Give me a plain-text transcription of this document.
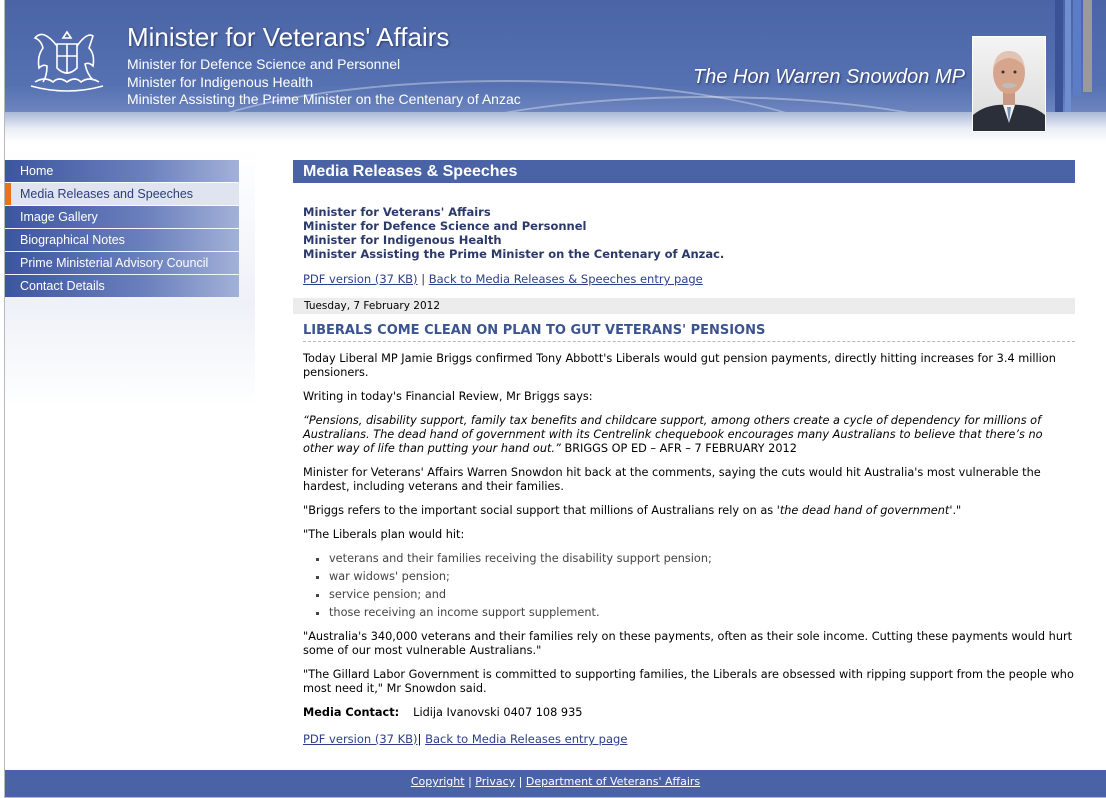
Minister for Veterans' Affairs
Minister for Defence Science and Personnel
Minister for Indigenous Health
Minister Assisting the Prime Minister on the Centenary of Anzac
The Hon Warren Snowdon MP
Home
Media Releases and Speeches
Image Gallery
Biographical Notes
Prime Ministerial Advisory Council
Contact Details
Media Releases & Speeches
Minister for Veterans' Affairs
Minister for Defence Science and Personnel
Minister for Indigenous Health
Minister Assisting the Prime Minister on the Centenary of Anzac.
PDF version (37 KB) | Back to Media Releases & Speeches entry page
Tuesday, 7 February 2012
LIBERALS COME CLEAN ON PLAN TO GUT VETERANS' PENSIONS

Today Liberal MP Jamie Briggs confirmed Tony Abbott's Liberals would gut pension payments, directly hitting increases for 3.4 million pensioners.

Writing in today's Financial Review, Mr Briggs says:

“Pensions, disability support, family tax benefits and childcare support, among others create a cycle of dependency for millions of Australians. The dead hand of government with its Centrelink chequebook encourages many Australians to believe that there’s no other way of life than putting your hand out.” BRIGGS OP ED – AFR – 7 FEBRUARY 2012

Minister for Veterans' Affairs Warren Snowdon hit back at the comments, saying the cuts would hit Australia's most vulnerable the hardest, including veterans and their families.

"Briggs refers to the important social support that millions of Australians rely on as 'the dead hand of government'."

"The Liberals plan would hit:

▪ veterans and their families receiving the disability support pension;
▪ war widows' pension;
▪ service pension; and
▪ those receiving an income support supplement.

"Australia's 340,000 veterans and their families rely on these payments, often as their sole income. Cutting these payments would hurt some of our most vulnerable Australians."

"The Gillard Labor Government is committed to supporting families, the Liberals are obsessed with ripping support from the people who most need it," Mr Snowdon said.

Media Contact: Lidija Ivanovski 0407 108 935

PDF version (37 KB)| Back to Media Releases entry page
Copyright | Privacy | Department of Veterans' Affairs
